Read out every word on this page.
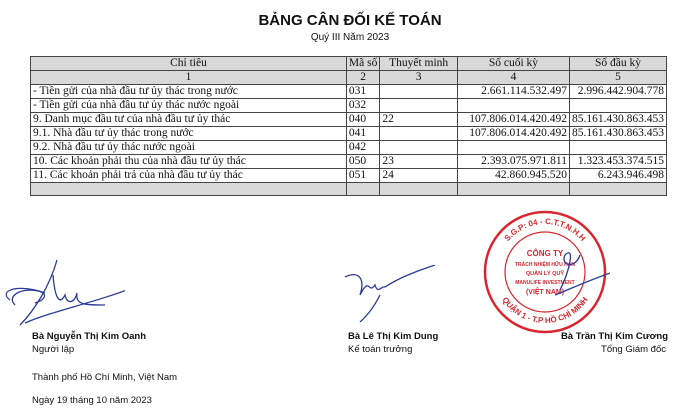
BẢNG CÂN ĐỐI KẾ TOÁN
Quý III Năm 2023
Chỉ tiêu	Mã số	Thuyết minh	Số cuối kỳ	Số đầu kỳ
1	2	3	4	5
- Tiền gửi của nhà đầu tư ủy thác trong nước	031		2.661.114.532.497	2.996.442.904.778
- Tiền gửi của nhà đầu tư ủy thác nước ngoài	032			
9. Danh mục đầu tư của nhà đầu tư ủy thác	040	22	107.806.014.420.492	85.161.430.863.453
9.1. Nhà đầu tư ủy thác trong nước	041		107.806.014.420.492	85.161.430.863.453
9.2. Nhà đầu tư ủy thác nước ngoài	042			
10. Các khoản phải thu của nhà đầu tư ủy thác	050	23	2.393.075.971.811	1.323.453.374.515
11. Các khoản phải trả của nhà đầu tư ủy thác	051	24	42.860.945.520	6.243.946.498

S.G.P: 04 - C.T.T.N.H.H
QUẬN 1 - T.P HỒ CHÍ MINH
CÔNG TY
TRÁCH NHIỆM HỮU HẠN
QUẢN LÝ QUỸ
MANULIFE INVESTMENT
(VIỆT NAM)
Bà Nguyễn Thị Kim Oanh
Người lập
Bà Lê Thị Kim Dung
Kế toán trưởng
Bà Trần Thị Kim Cương
Tổng Giám đốc
Thành phố Hồ Chí Minh, Việt Nam
Ngày 19 tháng 10 năm 2023
